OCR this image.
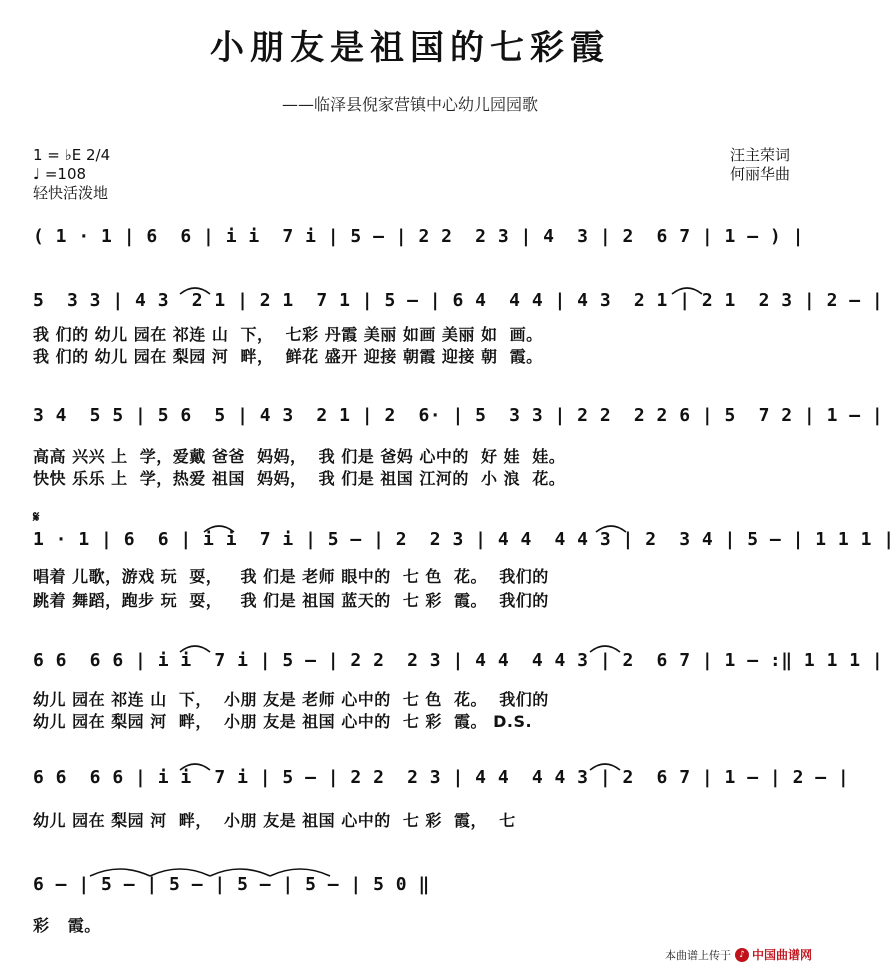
小朋友是祖国的七彩霞
——临泽县倪家营镇中心幼儿园园歌
1 = ♭E 2/4
♩ =108
轻快活泼地
汪主荣词
何丽华曲
𝄋
( 1 · 1 | 6  6 | i i  7 i | 5 — | 2 2  2 3 | 4  3 | 2  6 7 | 1 — ) |
5  3 3 | 4 3  2 1 | 2 1  7 1 | 5 — | 6 4  4 4 | 4 3  2 1 | 2 1  2 3 | 2 — |
我 们的 幼儿 园在 祁连 山  下，  七彩 丹霞 美丽 如画 美丽 如  画。
我 们的 幼儿 园在 梨园 河  畔，  鲜花 盛开 迎接 朝霞 迎接 朝  霞。
3 4  5 5 | 5 6  5 | 4 3  2 1 | 2  6· | 5  3 3 | 2 2  2 2 6 | 5  7 2 | 1 — |
高高 兴兴 上  学，爱戴 爸爸  妈妈，  我 们是 爸妈 心中的  好 娃  娃。
快快 乐乐 上  学，热爱 祖国  妈妈，  我 们是 祖国 江河的  小 浪  花。
1 · 1 | 6  6 | i i  7 i | 5 — | 2  2 3 | 4 4  4 4 3 | 2  3 4 | 5 — | 1 1 1 |
唱着 儿歌，游戏 玩  耍，   我 们是 老师 眼中的  七 色  花。  我们的
跳着 舞蹈，跑步 玩  耍，   我 们是 祖国 蓝天的  七 彩  霞。  我们的
6 6  6 6 | i i  7 i | 5 — | 2 2  2 3 | 4 4  4 4 3 | 2  6 7 | 1 — :‖ 1 1 1 |
幼儿 园在 祁连 山  下，  小朋 友是 老师 心中的  七 色  花。  我们的
幼儿 园在 梨园 河  畔，  小朋 友是 祖国 心中的  七 彩  霞。 D.S.
6 6  6 6 | i i  7 i | 5 — | 2 2  2 3 | 4 4  4 4 3 | 2  6 7 | 1 — | 2 — |
幼儿 园在 梨园 河  畔，  小朋 友是 祖国 心中的  七 彩  霞，  七
6 — | 5 — | 5 — | 5 — | 5 — | 5 0 ‖
彩   霞。
本曲谱上传于 ♪ 中国曲谱网
